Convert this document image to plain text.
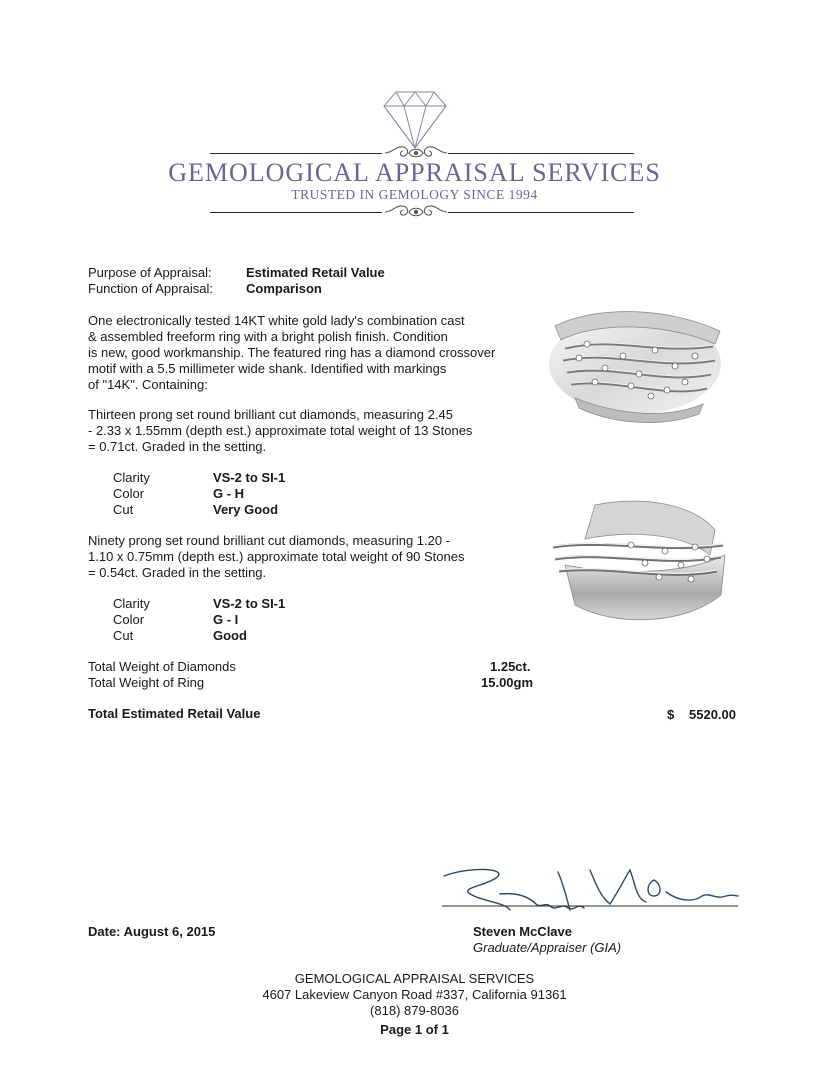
GEMOLOGICAL APPRAISAL SERVICES
TRUSTED IN GEMOLOGY SINCE 1994
Purpose of Appraisal:	Estimated Retail Value
Function of Appraisal:	Comparison
One electronically tested 14KT white gold lady's combination cast
& assembled freeform ring with a bright polish finish. Condition
is new, good workmanship. The featured ring has a diamond crossover
motif with a 5.5 millimeter wide shank. Identified with markings
of "14K". Containing:
Thirteen prong set round brilliant cut diamonds, measuring 2.45
- 2.33 x 1.55mm (depth est.) approximate total weight of 13 Stones
= 0.71ct. Graded in the setting.
Clarity	VS-2 to SI-1
Color	G - H
Cut	Very Good
Ninety prong set round brilliant cut diamonds, measuring 1.20 -
1.10 x 0.75mm (depth est.) approximate total weight of 90 Stones
= 0.54ct. Graded in the setting.
Clarity	VS-2 to SI-1
Color	G - I
Cut	Good
Total Weight of Diamonds	1.25ct.
Total Weight of Ring	15.00gm
Total Estimated Retail Value	$ 5520.00
Date: August 6, 2015	Steven McClave
Graduate/Appraiser (GIA)
GEMOLOGICAL APPRAISAL SERVICES
4607 Lakeview Canyon Road #337, California 91361
(818) 879-8036
Page 1 of 1
